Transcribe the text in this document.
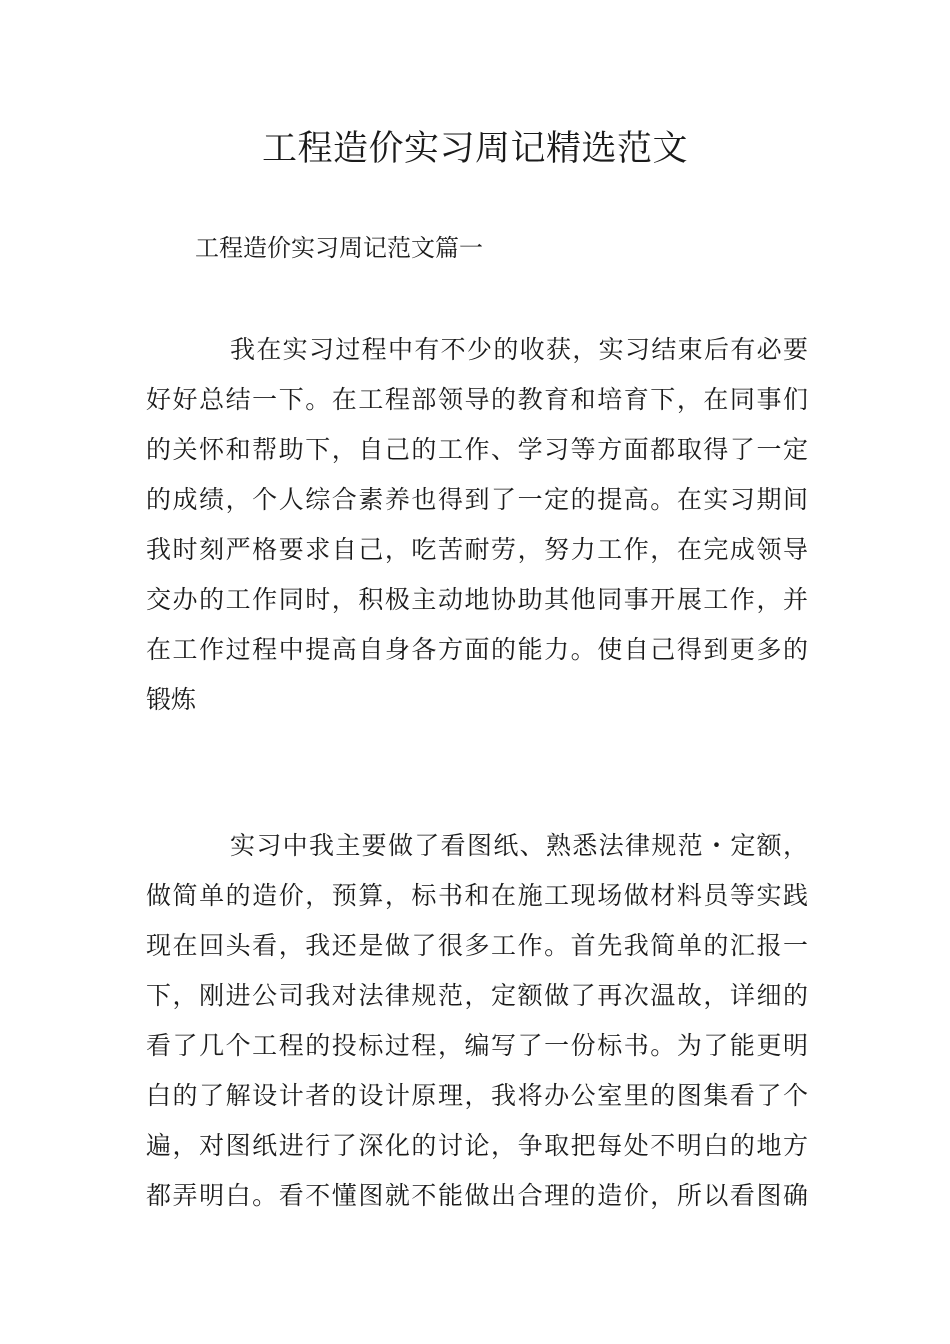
工程造价实习周记精选范文

工程造价实习周记范文篇一

我在实习过程中有不少的收获，实习结束后有必要
好好总结一下。在工程部领导的教育和培育下，在同事们
的关怀和帮助下，自己的工作、学习等方面都取得了一定
的成绩，个人综合素养也得到了一定的提高。在实习期间
我时刻严格要求自己，吃苦耐劳，努力工作，在完成领导
交办的工作同时，积极主动地协助其他同事开展工作，并
在工作过程中提高自身各方面的能力。使自己得到更多的
锻炼
实习中我主要做了看图纸、熟悉法律规范・定额，
做简单的造价，预算，标书和在施工现场做材料员等实践
现在回头看，我还是做了很多工作。首先我简单的汇报一
下，刚进公司我对法律规范，定额做了再次温故，详细的
看了几个工程的投标过程，编写了一份标书。为了能更明
白的了解设计者的设计原理，我将办公室里的图集看了个
遍，对图纸进行了深化的讨论，争取把每处不明白的地方
都弄明白。看不懂图就不能做出合理的造价，所以看图确
